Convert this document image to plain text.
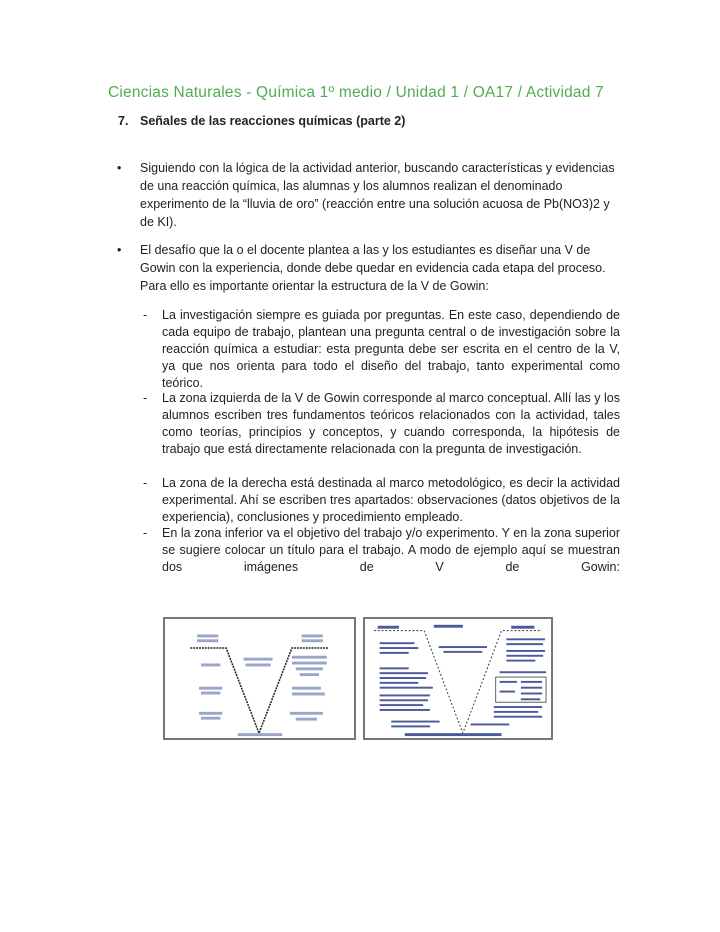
Ciencias Naturales - Química 1º medio / Unidad 1 / OA17 / Actividad 7
7. Señales de las reacciones químicas (parte 2)
• Siguiendo con la lógica de la actividad anterior, buscando características y evidencias de una reacción química, las alumnas y los alumnos realizan el denominado experimento de la “lluvia de oro” (reacción entre una solución acuosa de Pb(NO3)2 y de KI).
• El desafío que la o el docente plantea a las y los estudiantes es diseñar una V de Gowin con la experiencia, donde debe quedar en evidencia cada etapa del proceso. Para ello es importante orientar la estructura de la V de Gowin:
- La investigación siempre es guiada por preguntas. En este caso, dependiendo de cada equipo de trabajo, plantean una pregunta central o de investigación sobre la reacción química a estudiar: esta pregunta debe ser escrita en el centro de la V, ya que nos orienta para todo el diseño del trabajo, tanto experimental como teórico.
- La zona izquierda de la V de Gowin corresponde al marco conceptual. Allí las y los alumnos escriben tres fundamentos teóricos relacionados con la actividad, tales como teorías, principios y conceptos, y cuando corresponda, la hipótesis de trabajo que está directamente relacionada con la pregunta de investigación.
- La zona de la derecha está destinada al marco metodológico, es decir la actividad experimental. Ahí se escriben tres apartados: observaciones (datos objetivos de la experiencia), conclusiones y procedimiento empleado.
- En la zona inferior va el objetivo del trabajo y/o experimento. Y en la zona superior se sugiere colocar un título para el trabajo. A modo de ejemplo aquí se muestran dos imágenes de V de Gowin:
